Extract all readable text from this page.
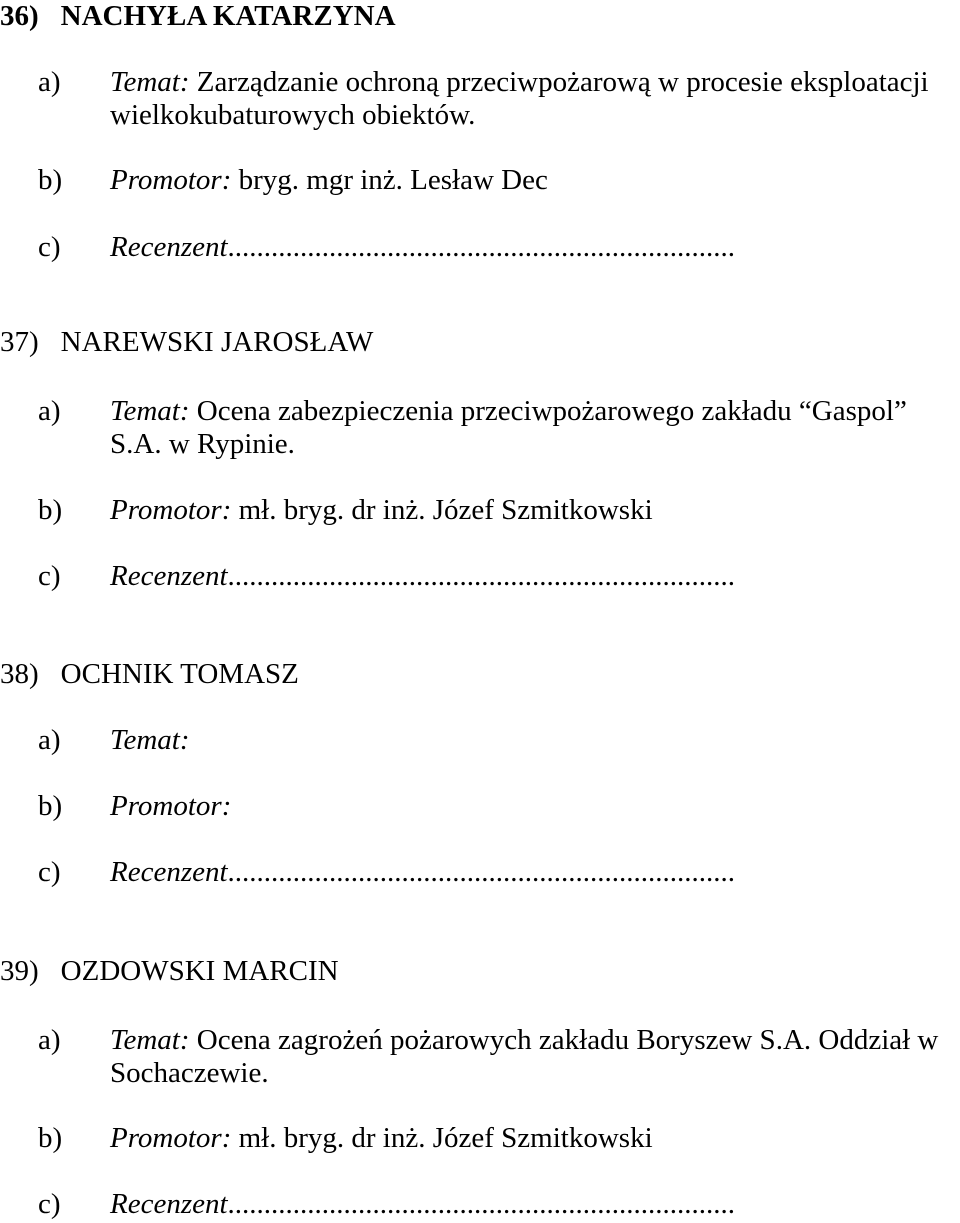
36) NACHYŁA KATARZYNA
a) Temat: Zarządzanie ochroną przeciwpożarową w procesie eksploatacji wielkokubaturowych obiektów.
b) Promotor: bryg. mgr inż. Lesław Dec
c) Recenzent......................................................................
37) NAREWSKI JAROSŁAW
a) Temat: Ocena zabezpieczenia przeciwpożarowego zakładu “Gaspol” S.A. w Rypinie.
b) Promotor: mł. bryg. dr inż. Józef Szmitkowski
c) Recenzent......................................................................
38) OCHNIK TOMASZ
a) Temat:
b) Promotor:
c) Recenzent......................................................................
39) OZDOWSKI MARCIN
a) Temat: Ocena zagrożeń pożarowych zakładu Boryszew S.A. Oddział w Sochaczewie.
b) Promotor: mł. bryg. dr inż. Józef Szmitkowski
c) Recenzent......................................................................
